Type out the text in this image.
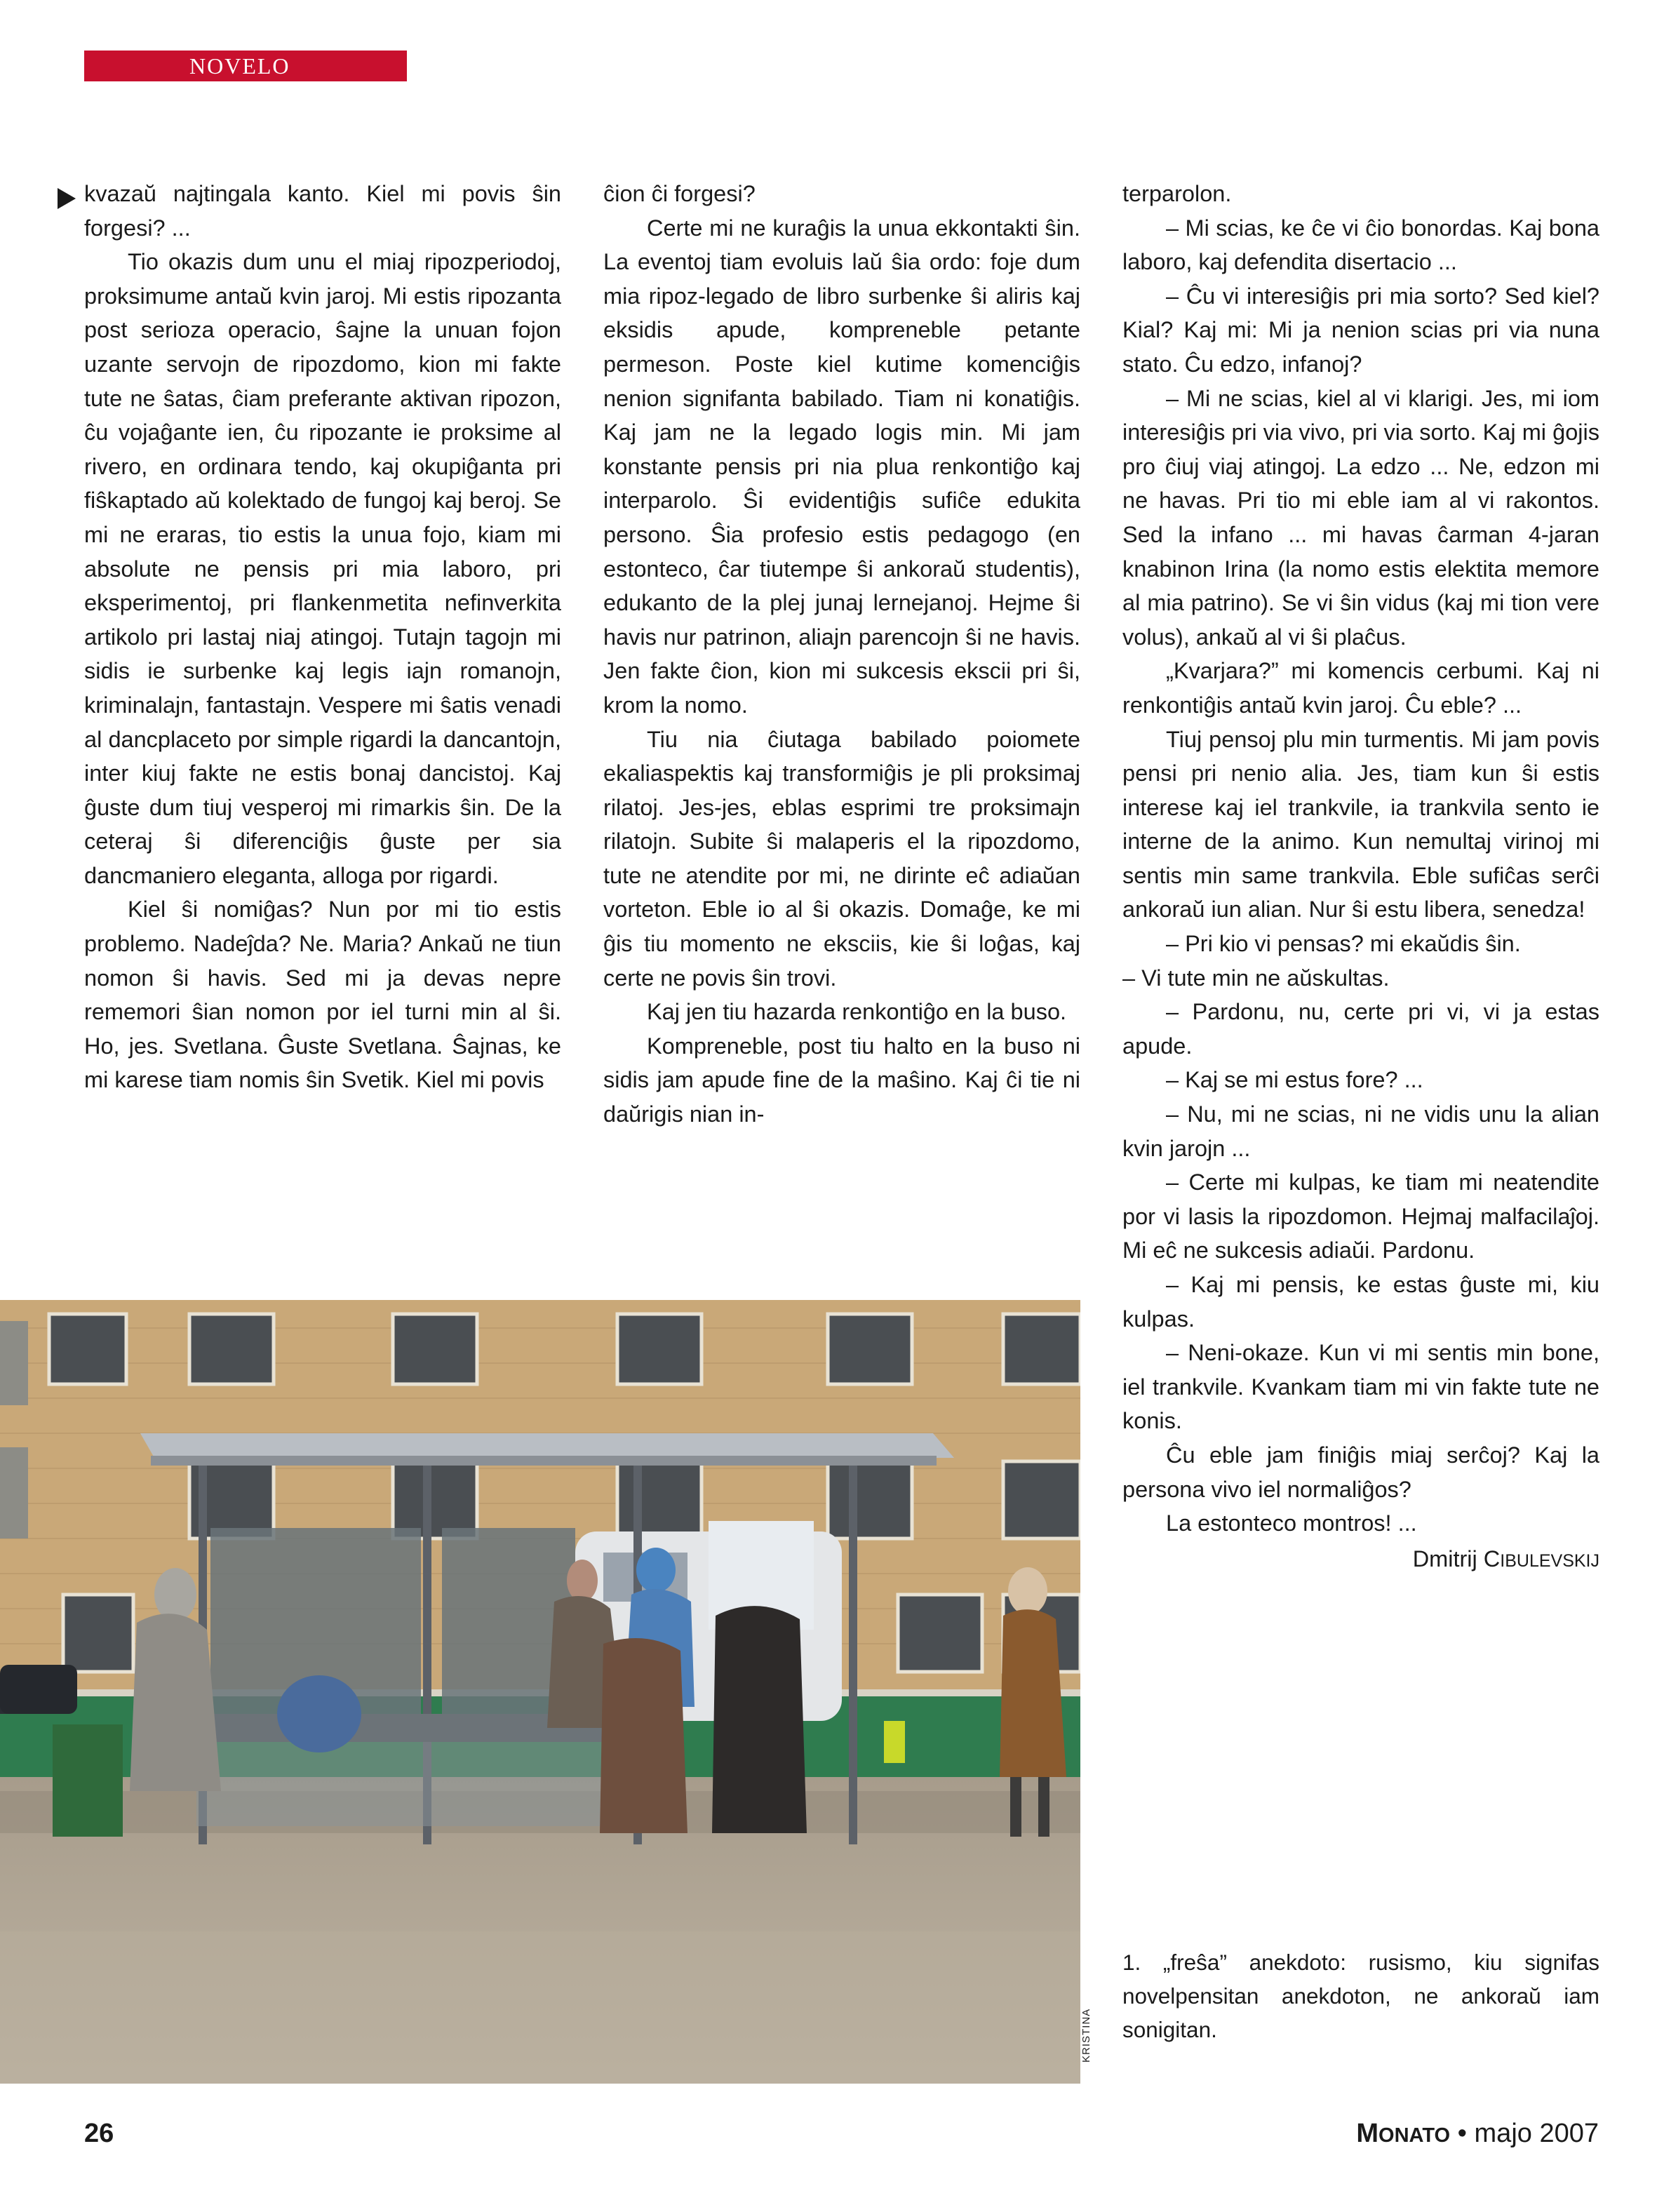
NOVELO

kvazaŭ najtingala kanto. Kiel mi povis ŝin forgesi? ...

Tio okazis dum unu el miaj ripozperiodoj, proksimume antaŭ kvin jaroj. Mi estis ripozanta post serioza operacio, ŝajne la unuan fojon uzante servojn de ripozdomo, kion mi fakte tute ne ŝatas, ĉiam preferante aktivan ripozon, ĉu vojaĝante ien, ĉu ripozante ie proksime al rivero, en ordinara tendo, kaj okupiĝanta pri fiŝkaptado aŭ kolektado de fungoj kaj beroj. Se mi ne eraras, tio estis la unua fojo, kiam mi absolute ne pensis pri mia laboro, pri eksperimentoj, pri flankenmetita nefinverkita artikolo pri lastaj niaj atingoj. Tutajn tagojn mi sidis ie surbenke kaj legis iajn romanojn, kriminalajn, fantastajn. Vespere mi ŝatis venadi al dancplaceto por simple rigardi la dancantojn, inter kiuj fakte ne estis bonaj dancistoj. Kaj ĝuste dum tiuj vesperoj mi rimarkis ŝin. De la ceteraj ŝi diferenciĝis ĝuste per sia dancmaniero eleganta, alloga por rigardi.

Kiel ŝi nomiĝas? Nun por mi tio estis problemo. Nadeĵda? Ne. Maria? Ankaŭ ne tiun nomon ŝi havis. Sed mi ja devas nepre rememori ŝian nomon por iel turni min al ŝi. Ho, jes. Svetlana. Ĝuste Svetlana. Ŝajnas, ke mi karese tiam nomis ŝin Svetik. Kiel mi povis

ĉion ĉi forgesi?

Certe mi ne kuraĝis la unua ekkontakti ŝin. La eventoj tiam evoluis laŭ ŝia ordo: foje dum mia ripoz-legado de libro surbenke ŝi aliris kaj eksidis apude, kompreneble petante permeson. Poste kiel kutime komenciĝis nenion signifanta babilado. Tiam ni konatiĝis. Kaj jam ne la legado logis min. Mi jam konstante pensis pri nia plua renkontiĝo kaj interparolo. Ŝi evidentiĝis sufiĉe edukita persono. Ŝia profesio estis pedagogo (en estonteco, ĉar tiutempe ŝi ankoraŭ studentis), edukanto de la plej junaj lernejanoj. Hejme ŝi havis nur patrinon, aliajn parencojn ŝi ne havis. Jen fakte ĉion, kion mi sukcesis ekscii pri ŝi, krom la nomo.

Tiu nia ĉiutaga babilado poiomete ekaliaspektis kaj transformiĝis je pli proksimaj rilatoj. Jes-jes, eblas esprimi tre proksimajn rilatojn. Subite ŝi malaperis el la ripozdomo, tute ne atendite por mi, ne dirinte eĉ adiaŭan vorteton. Eble io al ŝi okazis. Domaĝe, ke mi ĝis tiu momento ne eksciis, kie ŝi loĝas, kaj certe ne povis ŝin trovi.

Kaj jen tiu hazarda renkontiĝo en la buso.

Kompreneble, post tiu halto en la buso ni sidis jam apude fine de la maŝino. Kaj ĉi tie ni daŭrigis nian in-

terparolon.

– Mi scias, ke ĉe vi ĉio bonordas. Kaj bona laboro, kaj defendita disertacio ...

– Ĉu vi interesiĝis pri mia sorto? Sed kiel? Kial? Kaj mi: Mi ja nenion scias pri via nuna stato. Ĉu edzo, infanoj?

– Mi ne scias, kiel al vi klarigi. Jes, mi iom interesiĝis pri via vivo, pri via sorto. Kaj mi ĝojis pro ĉiuj viaj atingoj. La edzo ... Ne, edzon mi ne havas. Pri tio mi eble iam al vi rakontos. Sed la infano ... mi havas ĉarman 4-jaran knabinon Irina (la nomo estis elektita memore al mia patrino). Se vi ŝin vidus (kaj mi tion vere volus), ankaŭ al vi ŝi plaĉus.

„Kvarjara?” mi komencis cerbumi. Kaj ni renkontiĝis antaŭ kvin jaroj. Ĉu eble? ...

Tiuj pensoj plu min turmentis. Mi jam povis pensi pri nenio alia. Jes, tiam kun ŝi estis interese kaj iel trankvile, ia trankvila sento ie interne de la animo. Kun nemultaj virinoj mi sentis min same trankvila. Eble sufiĉas serĉi ankoraŭ iun alian. Nur ŝi estu libera, senedza!

– Pri kio vi pensas? mi ekaŭdis ŝin.

– Vi tute min ne aŭskultas.

– Pardonu, nu, certe pri vi, vi ja estas apude.

– Kaj se mi estus fore? ...

– Nu, mi ne scias, ni ne vidis unu la alian kvin jarojn ...

– Certe mi kulpas, ke tiam mi neatendite por vi lasis la ripozdomon. Hejmaj malfacilaĵoj. Mi eĉ ne sukcesis adiaŭi. Pardonu.

– Kaj mi pensis, ke estas ĝuste mi, kiu kulpas.

– Neni-okaze. Kun vi mi sentis min bone, iel trankvile. Kvankam tiam mi vin fakte tute ne konis.

Ĉu eble jam finiĝis miaj serĉoj? Kaj la persona vivo iel normaliĝos?

La estonteco montros! ...

Dmitrij CIBULEVSKIJ

KRISTINA
1. „freŝa” anekdoto: rusismo, kiu signifas novelpensitan anekdoton, ne ankoraŭ iam sonigitan.
26	MONATO • majo 2007
